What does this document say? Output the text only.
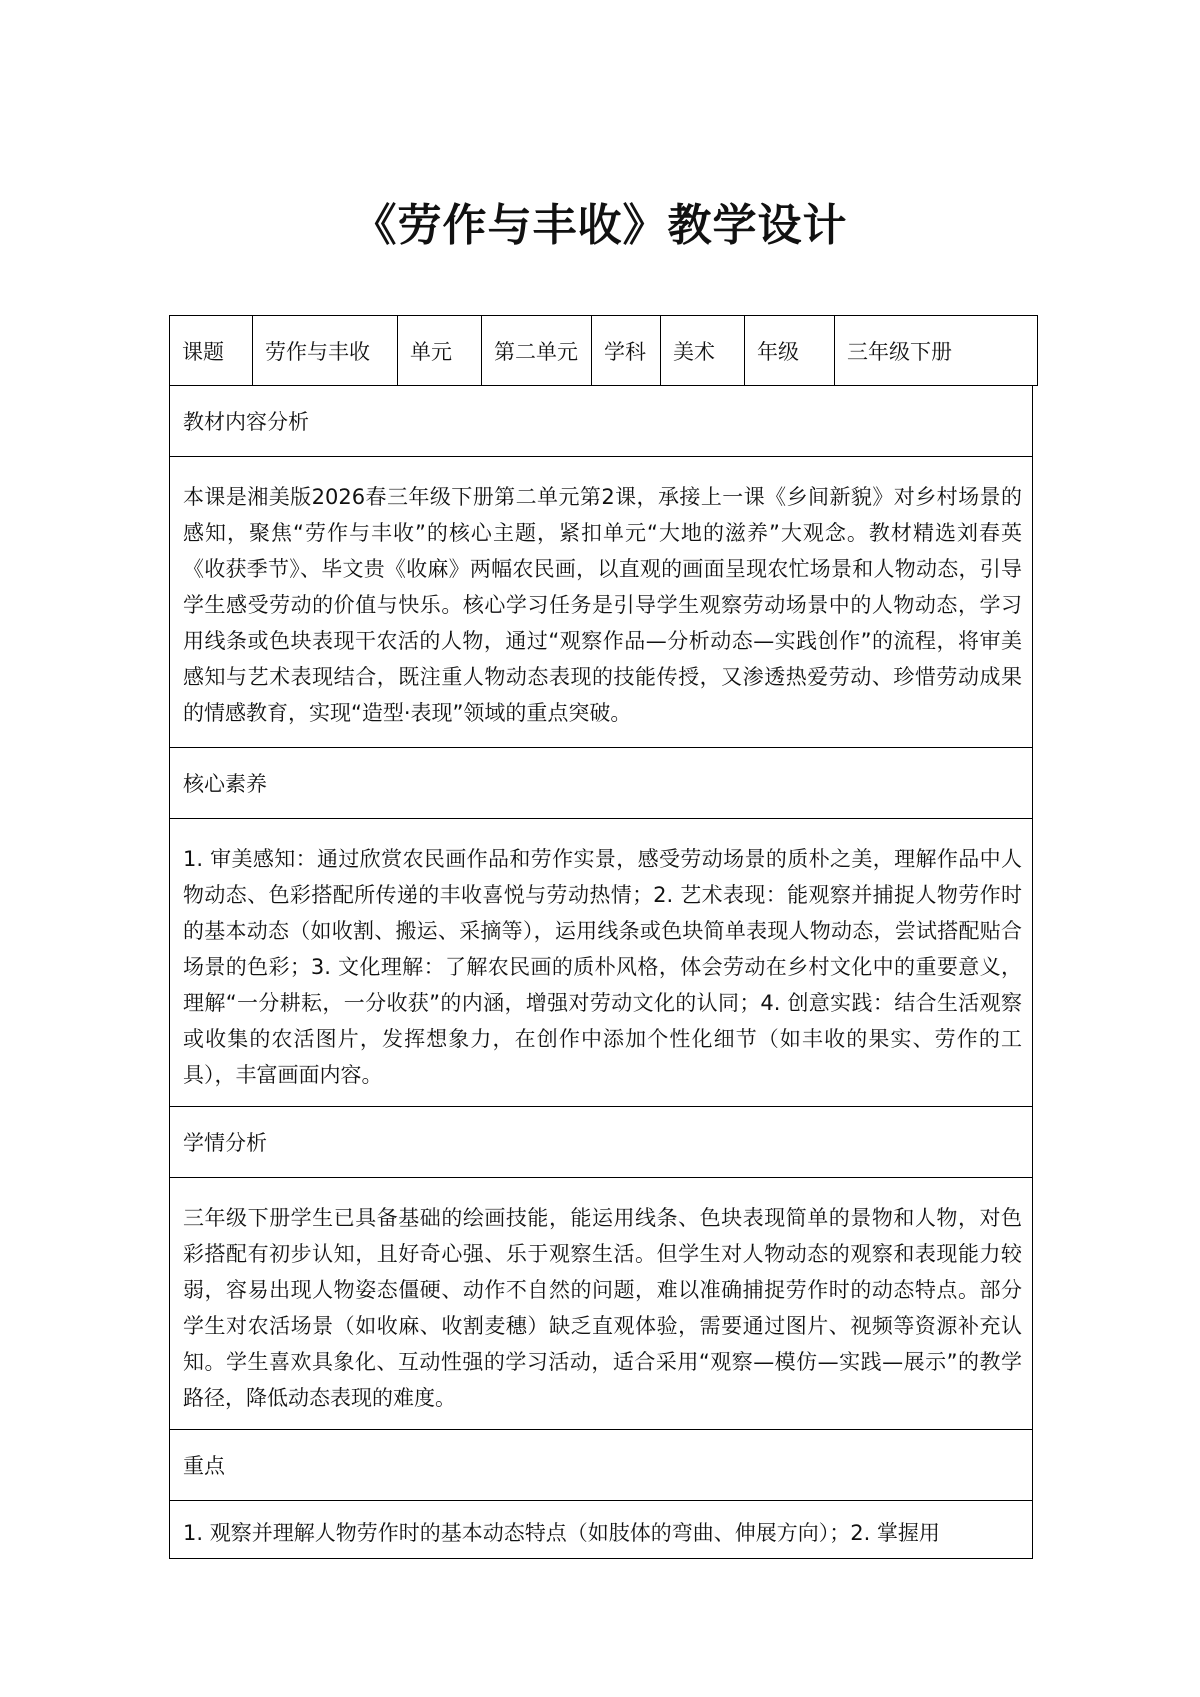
《劳作与丰收》教学设计
课题	劳作与丰收	单元	第二单元	学科	美术	年级	三年级下册
教材内容分析
本课是湘美版2026春三年级下册第二单元第2课，承接上一课《乡间新貌》对乡村场景的感知，聚焦“劳作与丰收”的核心主题，紧扣单元“大地的滋养”大观念。教材精选刘春英《收获季节》、毕文贵《收麻》两幅农民画，以直观的画面呈现农忙场景和人物动态，引导学生感受劳动的价值与快乐。核心学习任务是引导学生观察劳动场景中的人物动态，学习用线条或色块表现干农活的人物，通过“观察作品—分析动态—实践创作”的流程，将审美感知与艺术表现结合，既注重人物动态表现的技能传授，又渗透热爱劳动、珍惜劳动成果的情感教育，实现“造型·表现”领域的重点突破。
核心素养
1. 审美感知：通过欣赏农民画作品和劳作实景，感受劳动场景的质朴之美，理解作品中人物动态、色彩搭配所传递的丰收喜悦与劳动热情；2. 艺术表现：能观察并捕捉人物劳作时的基本动态（如收割、搬运、采摘等），运用线条或色块简单表现人物动态，尝试搭配贴合场景的色彩；3. 文化理解：了解农民画的质朴风格，体会劳动在乡村文化中的重要意义，理解“一分耕耘，一分收获”的内涵，增强对劳动文化的认同；4. 创意实践：结合生活观察或收集的农活图片，发挥想象力，在创作中添加个性化细节（如丰收的果实、劳作的工具），丰富画面内容。
学情分析
三年级下册学生已具备基础的绘画技能，能运用线条、色块表现简单的景物和人物，对色彩搭配有初步认知，且好奇心强、乐于观察生活。但学生对人物动态的观察和表现能力较弱，容易出现人物姿态僵硬、动作不自然的问题，难以准确捕捉劳作时的动态特点。部分学生对农活场景（如收麻、收割麦穗）缺乏直观体验，需要通过图片、视频等资源补充认知。学生喜欢具象化、互动性强的学习活动，适合采用“观察—模仿—实践—展示”的教学路径，降低动态表现的难度。
重点
1. 观察并理解人物劳作时的基本动态特点（如肢体的弯曲、伸展方向）；2. 掌握用
